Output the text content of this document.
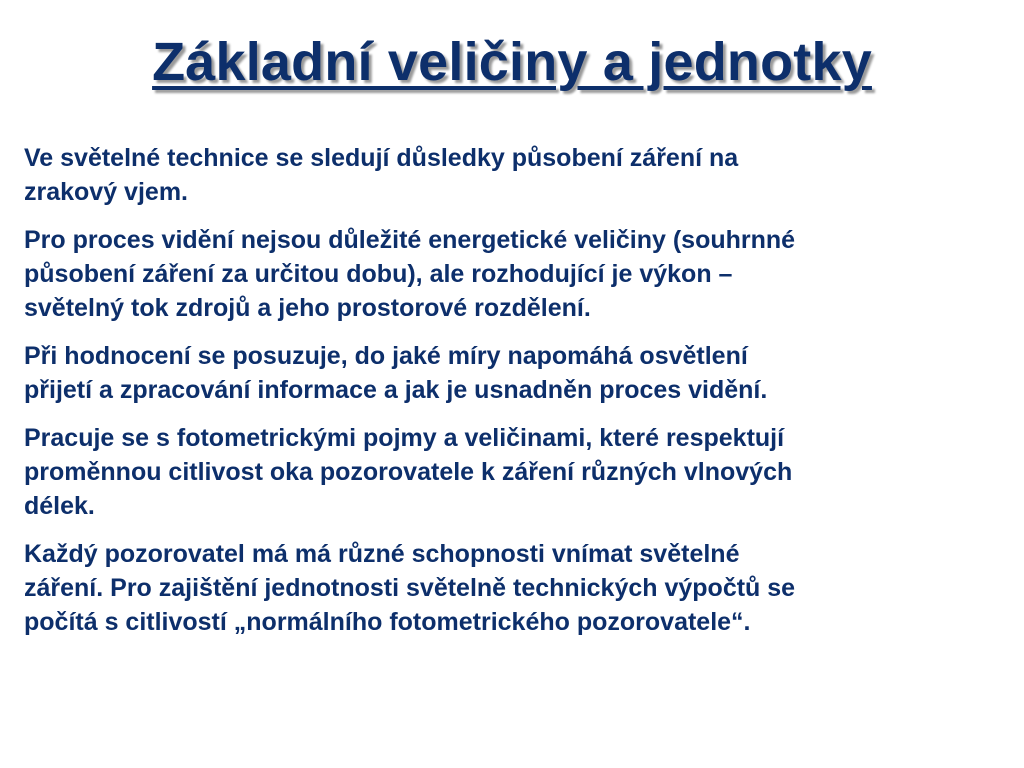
Základní veličiny a jednotky

Ve světelné technice se sledují důsledky působení záření na
zrakový vjem.

Pro proces vidění nejsou důležité energetické veličiny (souhrnné
působení záření za určitou dobu), ale rozhodující je výkon –
světelný tok zdrojů a jeho prostorové rozdělení.

Při hodnocení se posuzuje, do jaké míry napomáhá osvětlení
přijetí a zpracování informace a jak je usnadněn proces vidění.

Pracuje se s fotometrickými pojmy a veličinami, které respektují
proměnnou citlivost oka pozorovatele k záření různých vlnových
délek.

Každý pozorovatel má má různé schopnosti vnímat světelné
záření. Pro zajištění jednotnosti světelně technických výpočtů se
počítá s citlivostí „normálního fotometrického pozorovatele“.
